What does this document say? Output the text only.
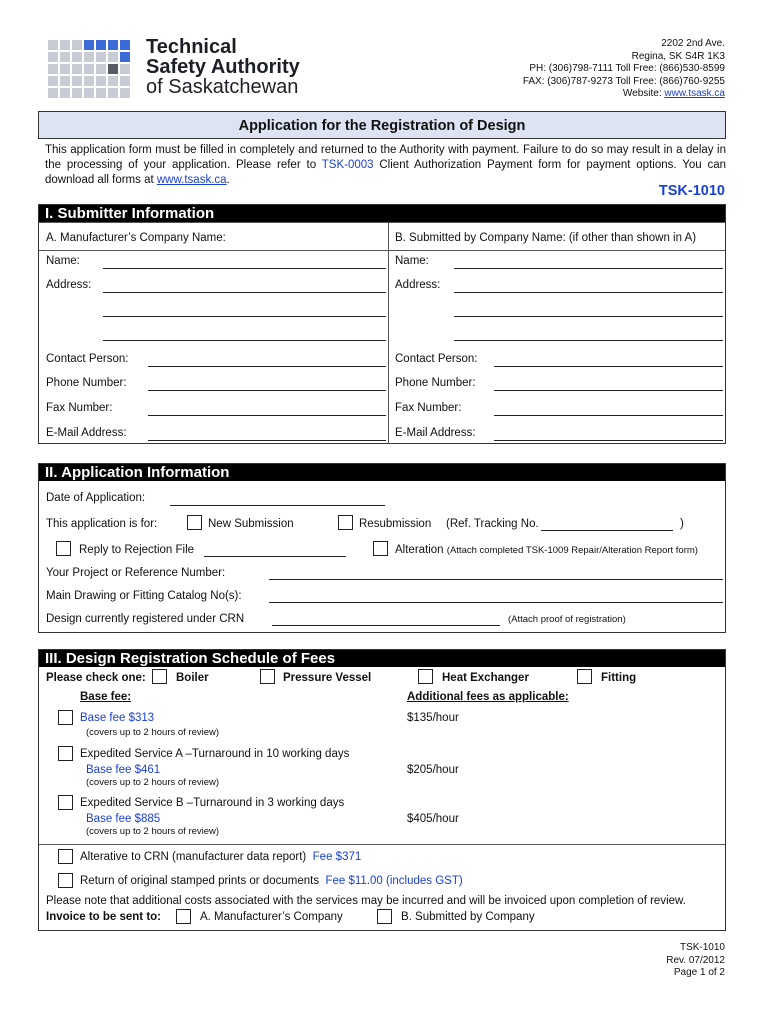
Technical
Safety Authority
of Saskatchewan
2202 2nd Ave.
Regina, SK S4R 1K3
PH: (306)798-7111 Toll Free: (866)530-8599
FAX: (306)787-9273 Toll Free: (866)760-9255
Website: www.tsask.ca
Application for the Registration of Design
This application form must be filled in completely and returned to the Authority with payment. Failure to do so may result in a delay in the processing of your application. Please refer to TSK-0003 Client Authorization Payment form for payment options. You can download all forms at www.tsask.ca.
TSK-1010
I. Submitter Information
A. Manufacturer’s Company Name:	B. Submitted by Company Name: (if other than shown in A)
Name:
Address:
Contact Person:
Phone Number:
Fax Number:
E-Mail Address:
Name:
Address:
Contact Person:
Phone Number:
Fax Number:
E-Mail Address:
II. Application Information
Date of Application:
This application is for:	New Submission	Resubmission (Ref. Tracking No.	)
Reply to Rejection File	Alteration (Attach completed TSK-1009 Repair/Alteration Report form)
Your Project or Reference Number:
Main Drawing or Fitting Catalog No(s):
Design currently registered under CRN	(Attach proof of registration)
III. Design Registration Schedule of Fees
Please check one:	Boiler	Pressure Vessel	Heat Exchanger	Fitting
Base fee:	Additional fees as applicable:
Base fee $313
(covers up to 2 hours of review)
$135/hour
Expedited Service A –Turnaround in 10 working days
Base fee $461
(covers up to 2 hours of review)
$205/hour
Expedited Service B –Turnaround in 3 working days
Base fee $885
(covers up to 2 hours of review)
$405/hour
Alterative to CRN (manufacturer data report) Fee $371
Return of original stamped prints or documents Fee $11.00 (includes GST)
Please note that additional costs associated with the services may be incurred and will be invoiced upon completion of review.
Invoice to be sent to:	A. Manufacturer’s Company	B. Submitted by Company
TSK-1010
Rev. 07/2012
Page 1 of 2
